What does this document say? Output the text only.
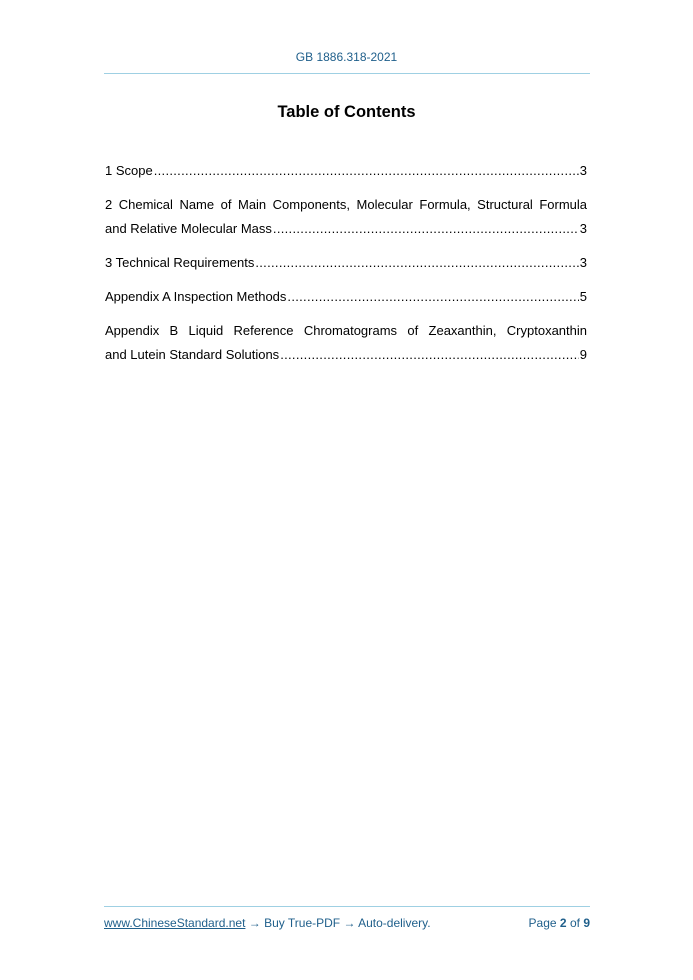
GB 1886.318-2021
Table of Contents
1 Scope .....	3
2 Chemical Name of Main Components, Molecular Formula, Structural Formula
and Relative Molecular Mass .....	3
3 Technical Requirements .....	3
Appendix A Inspection Methods .....	5
Appendix B Liquid Reference Chromatograms of Zeaxanthin, Cryptoxanthin
and Lutein Standard Solutions .....	9
www.ChineseStandard.net → Buy True-PDF → Auto-delivery.	Page 2 of 9
